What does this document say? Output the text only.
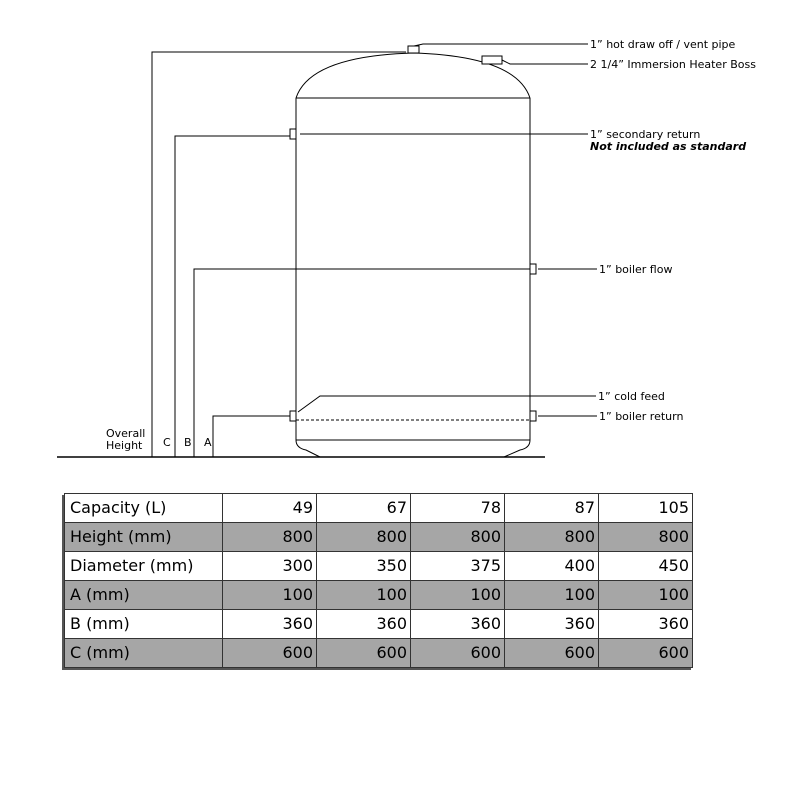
1” hot draw off / vent pipe
2 1/4” Immersion Heater Boss
1” secondary return
Not included as standard
1” boiler flow
1” cold feed
1” boiler return
Overall
Height C B A
Capacity (L)	49	67	78	87	105
Height (mm)	800	800	800	800	800
Diameter (mm)	300	350	375	400	450
A (mm)	100	100	100	100	100
B (mm)	360	360	360	360	360
C (mm)	600	600	600	600	600
